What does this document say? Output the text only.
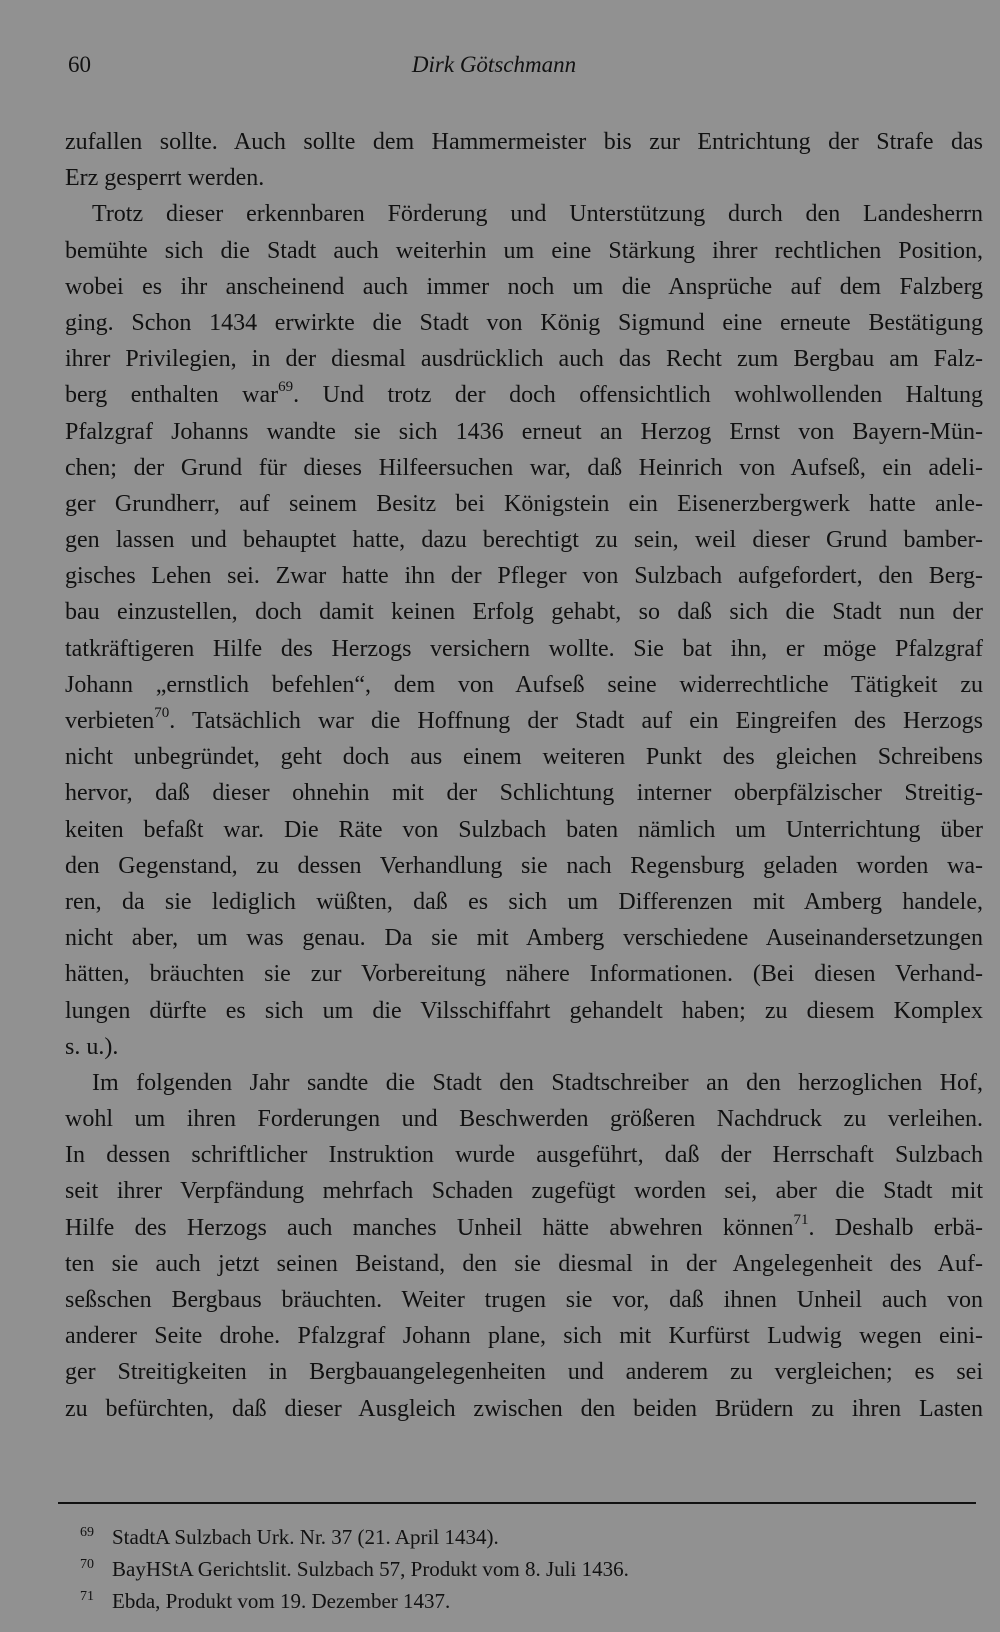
60	Dirk Götschmann
zufallen sollte. Auch sollte dem Hammermeister bis zur Entrichtung der Strafe das
Erz gesperrt werden.
Trotz dieser erkennbaren Förderung und Unterstützung durch den Landesherrn
bemühte sich die Stadt auch weiterhin um eine Stärkung ihrer rechtlichen Position,
wobei es ihr anscheinend auch immer noch um die Ansprüche auf dem Falzberg
ging. Schon 1434 erwirkte die Stadt von König Sigmund eine erneute Bestätigung
ihrer Privilegien, in der diesmal ausdrücklich auch das Recht zum Bergbau am Falz-
berg enthalten war$^{69}$. Und trotz der doch offensichtlich wohlwollenden Haltung
Pfalzgraf Johanns wandte sie sich 1436 erneut an Herzog Ernst von Bayern-Mün-
chen; der Grund für dieses Hilfeersuchen war, daß Heinrich von Aufseß, ein adeli-
ger Grundherr, auf seinem Besitz bei Königstein ein Eisenerzbergwerk hatte anle-
gen lassen und behauptet hatte, dazu berechtigt zu sein, weil dieser Grund bamber-
gisches Lehen sei. Zwar hatte ihn der Pfleger von Sulzbach aufgefordert, den Berg-
bau einzustellen, doch damit keinen Erfolg gehabt, so daß sich die Stadt nun der
tatkräftigeren Hilfe des Herzogs versichern wollte. Sie bat ihn, er möge Pfalzgraf
Johann „ernstlich befehlen“, dem von Aufseß seine widerrechtliche Tätigkeit zu
verbieten$^{70}$. Tatsächlich war die Hoffnung der Stadt auf ein Eingreifen des Herzogs
nicht unbegründet, geht doch aus einem weiteren Punkt des gleichen Schreibens
hervor, daß dieser ohnehin mit der Schlichtung interner oberpfälzischer Streitig-
keiten befaßt war. Die Räte von Sulzbach baten nämlich um Unterrichtung über
den Gegenstand, zu dessen Verhandlung sie nach Regensburg geladen worden wa-
ren, da sie lediglich wüßten, daß es sich um Differenzen mit Amberg handele,
nicht aber, um was genau. Da sie mit Amberg verschiedene Auseinandersetzungen
hätten, bräuchten sie zur Vorbereitung nähere Informationen. (Bei diesen Verhand-
lungen dürfte es sich um die Vilsschiffahrt gehandelt haben; zu diesem Komplex
s. u.).
Im folgenden Jahr sandte die Stadt den Stadtschreiber an den herzoglichen Hof,
wohl um ihren Forderungen und Beschwerden größeren Nachdruck zu verleihen.
In dessen schriftlicher Instruktion wurde ausgeführt, daß der Herrschaft Sulzbach
seit ihrer Verpfändung mehrfach Schaden zugefügt worden sei, aber die Stadt mit
Hilfe des Herzogs auch manches Unheil hätte abwehren können$^{71}$. Deshalb erbä-
ten sie auch jetzt seinen Beistand, den sie diesmal in der Angelegenheit des Auf-
seßschen Bergbaus bräuchten. Weiter trugen sie vor, daß ihnen Unheil auch von
anderer Seite drohe. Pfalzgraf Johann plane, sich mit Kurfürst Ludwig wegen eini-
ger Streitigkeiten in Bergbauangelegenheiten und anderem zu vergleichen; es sei
zu befürchten, daß dieser Ausgleich zwischen den beiden Brüdern zu ihren Lasten
69 StadtA Sulzbach Urk. Nr. 37 (21. April 1434).
70 BayHStA Gerichtslit. Sulzbach 57, Produkt vom 8. Juli 1436.
71 Ebda, Produkt vom 19. Dezember 1437.
